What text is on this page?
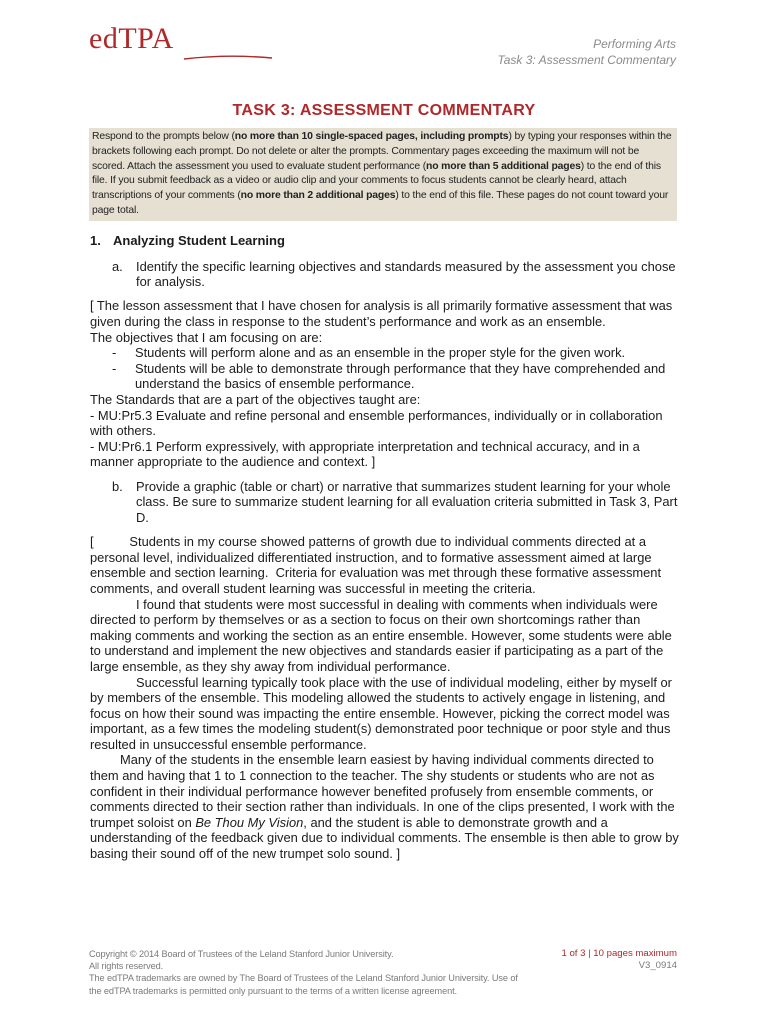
edTPA	Performing Arts
Task 3: Assessment Commentary
TASK 3: ASSESSMENT COMMENTARY
Respond to the prompts below (no more than 10 single-spaced pages, including prompts) by typing your responses within the brackets following each prompt. Do not delete or alter the prompts. Commentary pages exceeding the maximum will not be scored. Attach the assessment you used to evaluate student performance (no more than 5 additional pages) to the end of this file. If you submit feedback as a video or audio clip and your comments to focus students cannot be clearly heard, attach transcriptions of your comments (no more than 2 additional pages) to the end of this file. These pages do not count toward your page total.
1. Analyzing Student Learning
a.	Identify the specific learning objectives and standards measured by the assessment you chose for analysis.

[ The lesson assessment that I have chosen for analysis is all primarily formative assessment that was given during the class in response to the student’s performance and work as an ensemble.

The objectives that I am focusing on are:

-	Students will perform alone and as an ensemble in the proper style for the given work.
-	Students will be able to demonstrate through performance that they have comprehended and understand the basics of ensemble performance.

The Standards that are a part of the objectives taught are:

- MU:Pr5.3 Evaluate and refine personal and ensemble performances, individually or in collaboration with others.

- MU:Pr6.1 Perform expressively, with appropriate interpretation and technical accuracy, and in a manner appropriate to the audience and context. ]

b.	Provide a graphic (table or chart) or narrative that summarizes student learning for your whole class. Be sure to summarize student learning for all evaluation criteria submitted in Task 3, Part D.

[          Students in my course showed patterns of growth due to individual comments directed at a personal level, individualized differentiated instruction, and to formative assessment aimed at large ensemble and section learning.  Criteria for evaluation was met through these formative assessment comments, and overall student learning was successful in meeting the criteria.

I found that students were most successful in dealing with comments when individuals were directed to perform by themselves or as a section to focus on their own shortcomings rather than making comments and working the section as an entire ensemble. However, some students were able to understand and implement the new objectives and standards easier if participating as a part of the large ensemble, as they shy away from individual performance.

Successful learning typically took place with the use of individual modeling, either by myself or by members of the ensemble. This modeling allowed the students to actively engage in listening, and focus on how their sound was impacting the entire ensemble. However, picking the correct model was important, as a few times the modeling student(s) demonstrated poor technique or poor style and thus resulted in unsuccessful ensemble performance.

Many of the students in the ensemble learn easiest by having individual comments directed to them and having that 1 to 1 connection to the teacher. The shy students or students who are not as confident in their individual performance however benefited profusely from ensemble comments, or comments directed to their section rather than individuals. In one of the clips presented, I work with the trumpet soloist on Be Thou My Vision, and the student is able to demonstrate growth and a understanding of the feedback given due to individual comments. The ensemble is then able to grow by basing their sound off of the new trumpet solo sound. ]

Copyright © 2014 Board of Trustees of the Leland Stanford Junior University.
All rights reserved.
The edTPA trademarks are owned by The Board of Trustees of the Leland Stanford Junior University. Use of the edTPA trademarks is permitted only pursuant to the terms of a written license agreement.
1 of 3 | 10 pages maximum
V3_0914
